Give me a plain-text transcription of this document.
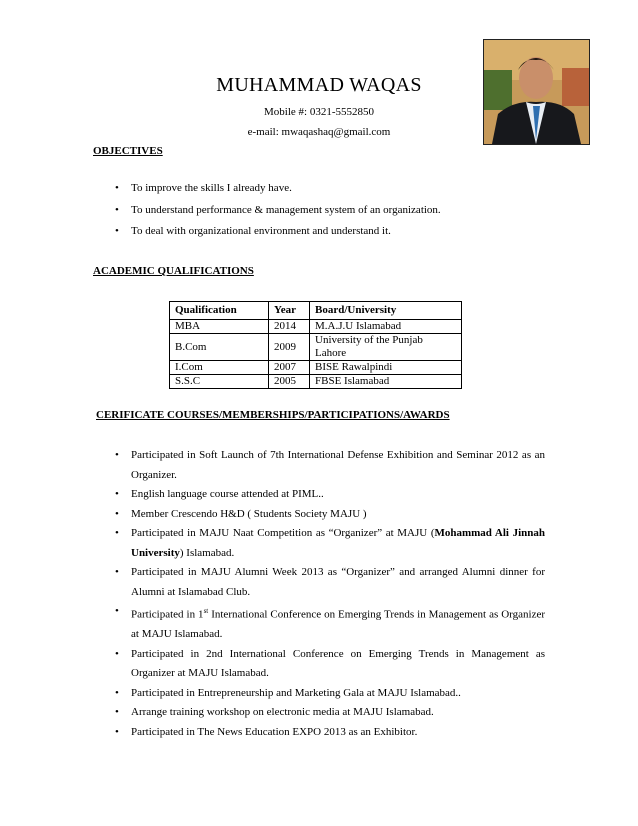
MUHAMMAD WAQAS
Mobile #: 0321-5552850
e-mail: mwaqashaq@gmail.com
OBJECTIVES
• To improve the skills I already have.
• To understand performance & management system of an organization.
• To deal with organizational environment and understand it.
ACADEMIC QUALIFICATIONS
Qualification	Year	Board/University
MBA	2014	M.A.J.U Islamabad
B.Com	2009	University of the Punjab Lahore
I.Com	2007	BISE Rawalpindi
S.S.C	2005	FBSE Islamabad
CERIFICATE COURSES/MEMBERSHIPS/PARTICIPATIONS/AWARDS
• Participated in Soft Launch of 7th International Defense Exhibition and Seminar 2012 as an Organizer.
• English language course attended at PIML..
• Member Crescendo H&D ( Students Society MAJU )
• Participated in MAJU Naat Competition as “Organizer” at MAJU (Mohammad Ali Jinnah University) Islamabad.
• Participated in MAJU Alumni Week 2013 as “Organizer” and arranged Alumni dinner for Alumni at Islamabad Club.
• Participated in 1st International Conference on Emerging Trends in Management as Organizer at MAJU Islamabad.
• Participated in 2nd International Conference on Emerging Trends in Management as Organizer at MAJU Islamabad.
• Participated in Entrepreneurship and Marketing Gala at MAJU Islamabad..
• Arrange training workshop on electronic media at MAJU Islamabad.
• Participated in The News Education EXPO 2013 as an Exhibitor.
